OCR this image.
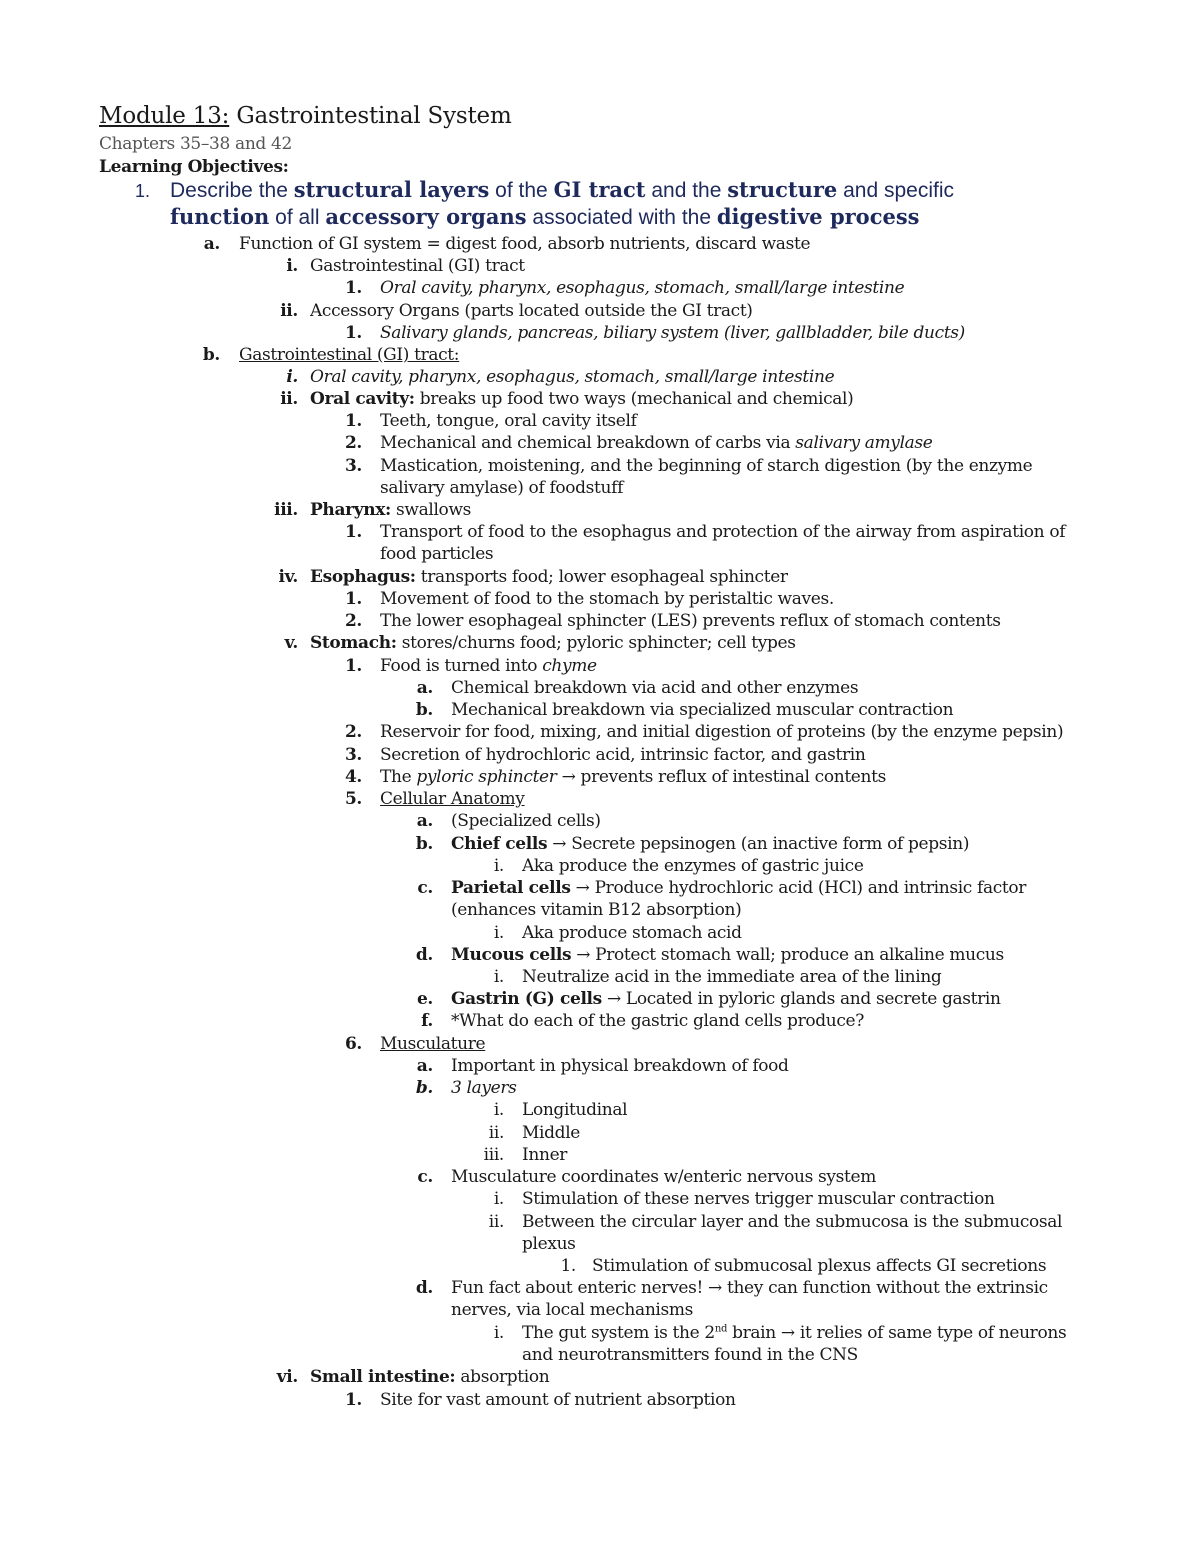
Module 13: Gastrointestinal System
Chapters 35–38 and 42
Learning Objectives:
1. Describe the structural layers of the GI tract and the structure and specific
function of all accessory organs associated with the digestive process
a. Function of GI system = digest food, absorb nutrients, discard waste
i. Gastrointestinal (GI) tract
1. Oral cavity, pharynx, esophagus, stomach, small/large intestine
ii. Accessory Organs (parts located outside the GI tract)
1. Salivary glands, pancreas, biliary system (liver, gallbladder, bile ducts)
b. Gastrointestinal (GI) tract:
i. Oral cavity, pharynx, esophagus, stomach, small/large intestine
ii. Oral cavity: breaks up food two ways (mechanical and chemical)
1. Teeth, tongue, oral cavity itself
2. Mechanical and chemical breakdown of carbs via salivary amylase
3. Mastication, moistening, and the beginning of starch digestion (by the enzyme
salivary amylase) of foodstuff
iii. Pharynx: swallows
1. Transport of food to the esophagus and protection of the airway from aspiration of
food particles
iv. Esophagus: transports food; lower esophageal sphincter
1. Movement of food to the stomach by peristaltic waves.
2. The lower esophageal sphincter (LES) prevents reflux of stomach contents
v. Stomach: stores/churns food; pyloric sphincter; cell types
1. Food is turned into chyme
a. Chemical breakdown via acid and other enzymes
b. Mechanical breakdown via specialized muscular contraction
2. Reservoir for food, mixing, and initial digestion of proteins (by the enzyme pepsin)
3. Secretion of hydrochloric acid, intrinsic factor, and gastrin
4. The pyloric sphincter → prevents reflux of intestinal contents
5. Cellular Anatomy
a. (Specialized cells)
b. Chief cells → Secrete pepsinogen (an inactive form of pepsin)
i. Aka produce the enzymes of gastric juice
c. Parietal cells → Produce hydrochloric acid (HCl) and intrinsic factor
(enhances vitamin B12 absorption)
i. Aka produce stomach acid
d. Mucous cells → Protect stomach wall; produce an alkaline mucus
i. Neutralize acid in the immediate area of the lining
e. Gastrin (G) cells → Located in pyloric glands and secrete gastrin
f. *What do each of the gastric gland cells produce?
6. Musculature
a. Important in physical breakdown of food
b. 3 layers
i. Longitudinal
ii. Middle
iii. Inner
c. Musculature coordinates w/enteric nervous system
i. Stimulation of these nerves trigger muscular contraction
ii. Between the circular layer and the submucosa is the submucosal
plexus
1. Stimulation of submucosal plexus affects GI secretions
d. Fun fact about enteric nerves! → they can function without the extrinsic
nerves, via local mechanisms
i. The gut system is the 2nd brain → it relies of same type of neurons
and neurotransmitters found in the CNS
vi. Small intestine: absorption
1. Site for vast amount of nutrient absorption
